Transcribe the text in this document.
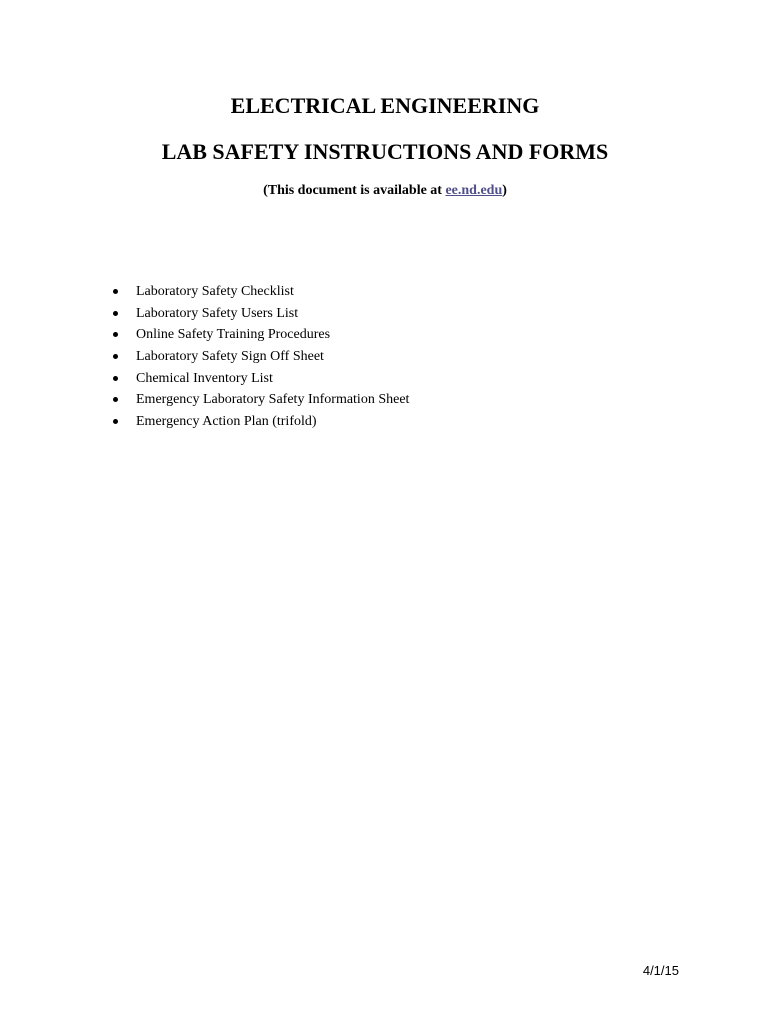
ELECTRICAL ENGINEERING
LAB SAFETY INSTRUCTIONS AND FORMS
(This document is available at ee.nd.edu)
Laboratory Safety Checklist
Laboratory Safety Users List
Online Safety Training Procedures
Laboratory Safety Sign Off Sheet
Chemical Inventory List
Emergency Laboratory Safety Information Sheet
Emergency Action Plan (trifold)
4/1/15
